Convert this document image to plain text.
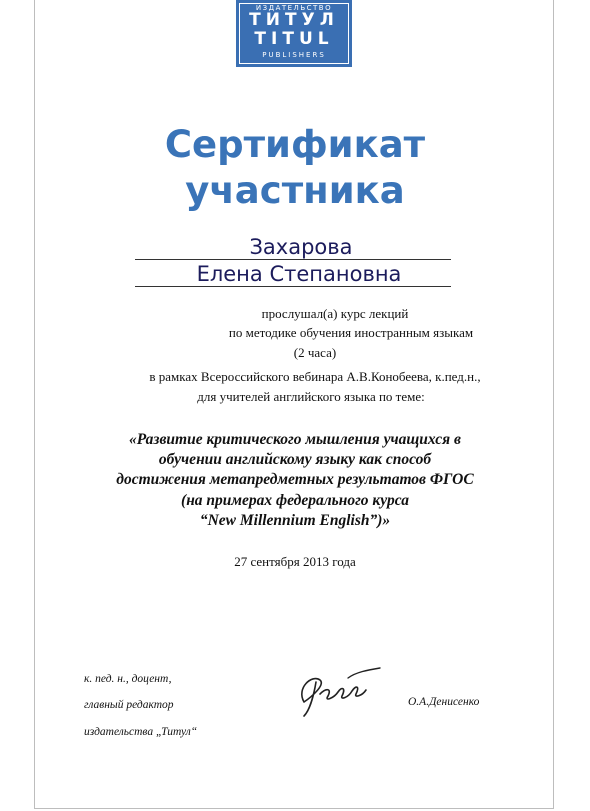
ИЗДАТЕЛЬСТВО
ТИТУЛ
TITUL
PUBLISHERS
Сертификат
участника
Захарова
Елена Степановна
прослушал(а) курс лекций
по методике обучения иностранным языкам
(2 часа)
в рамках Всероссийского вебинара А.В.Конобеева, к.пед.н.,
для учителей английского языка по теме:
«Развитие критического мышления учащихся в
обучении английскому языку как способ
достижения метапредметных результатов ФГОС
(на примерах федерального курса
“New Millennium English”)»
27 сентября 2013 года
к. пед. н., доцент,
главный редактор
издательства „Титул“
О.А.Денисенко
